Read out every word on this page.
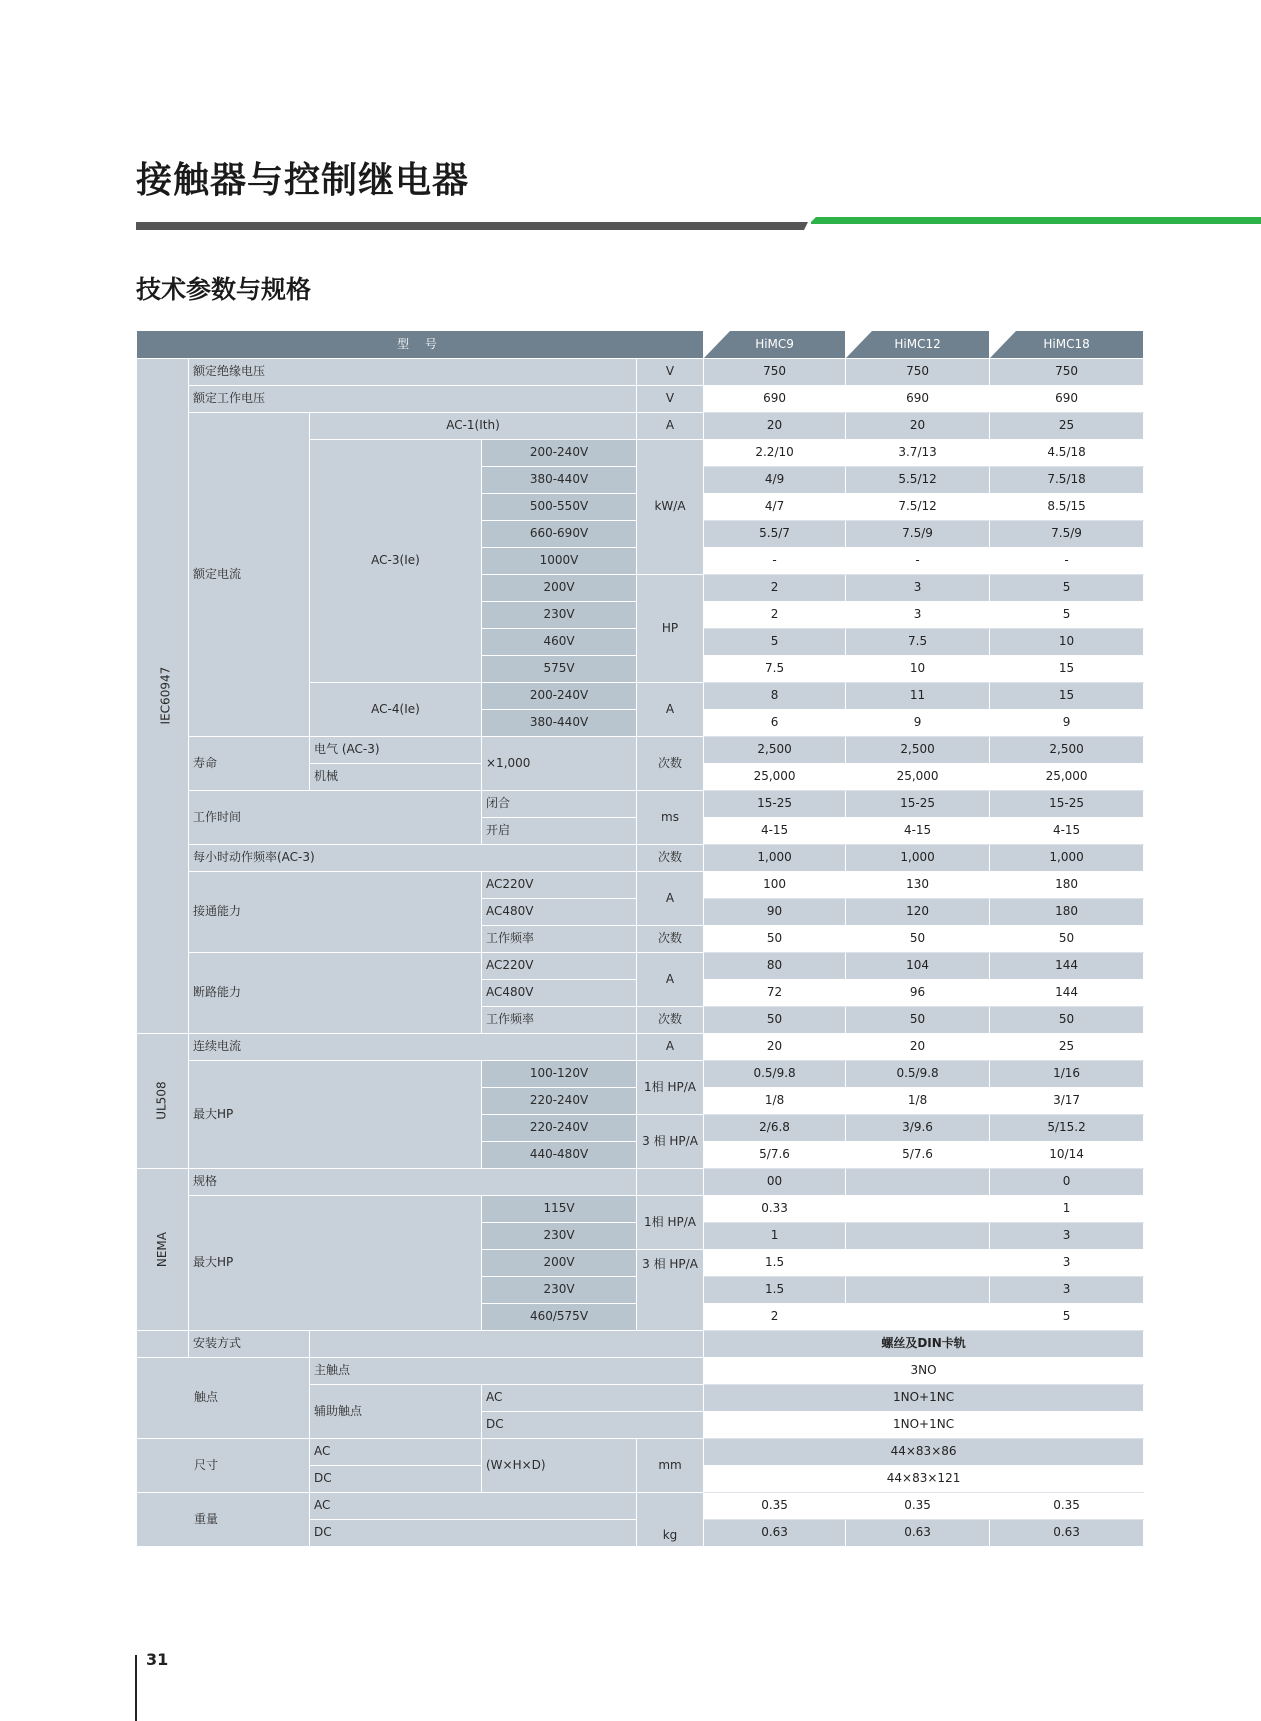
接触器与控制继电器
技术参数与规格
型 号					HiMC9	HiMC12	HiMC18
IEC60947	额定绝缘电压			V	750	750	750
	额定工作电压			V	690	690	690
	额定电流	AC-1(Ith)		A	20	20	25
		AC-3(Ie)	200-240V	kW/A	2.2/10	3.7/13	4.5/18
			380-440V		4/9	5.5/12	7.5/18
			500-550V		4/7	7.5/12	8.5/15
			660-690V		5.5/7	7.5/9	7.5/9
			1000V		-	-	-
			200V	HP	2	3	5
			230V		2	3	5
			460V		5	7.5	10
			575V		7.5	10	15
		AC-4(Ie)	200-240V	A	8	11	15
			380-440V		6	9	9
	寿命	电气 (AC-3)	×1,000	次数	2,500	2,500	2,500
		机械			25,000	25,000	25,000
	工作时间		闭合	ms	15-25	15-25	15-25
			开启		4-15	4-15	4-15
	每小时动作频率(AC-3)			次数	1,000	1,000	1,000
	接通能力		AC220V	A	100	130	180
			AC480V		90	120	180
			工作频率	次数	50	50	50
	断路能力		AC220V	A	80	104	144
			AC480V		72	96	144
			工作频率	次数	50	50	50
UL508	连续电流			A	20	20	25
	最大HP		100-120V	1相 HP/A	0.5/9.8	0.5/9.8	1/16
			220-240V		1/8	1/8	3/17
			220-240V	3 相 HP/A	2/6.8	3/9.6	5/15.2
			440-480V		5/7.6	5/7.6	10/14
NEMA	规格				00		0
	最大HP		115V	1相 HP/A	0.33		1
			230V		1		3
			200V	3 相 HP/A	1.5		3
			230V		1.5		3
			460/575V		2		5
	安装方式				螺丝及DIN卡轨		
触点		主触点			3NO		
		辅助触点	AC		1NO+1NC		
			DC		1NO+1NC		
尺寸		AC	(W×H×D)	mm	44×83×86		
		DC			44×83×121		
重量		AC		kg	0.35	0.35	0.35
		DC			0.63	0.63	0.63
31
